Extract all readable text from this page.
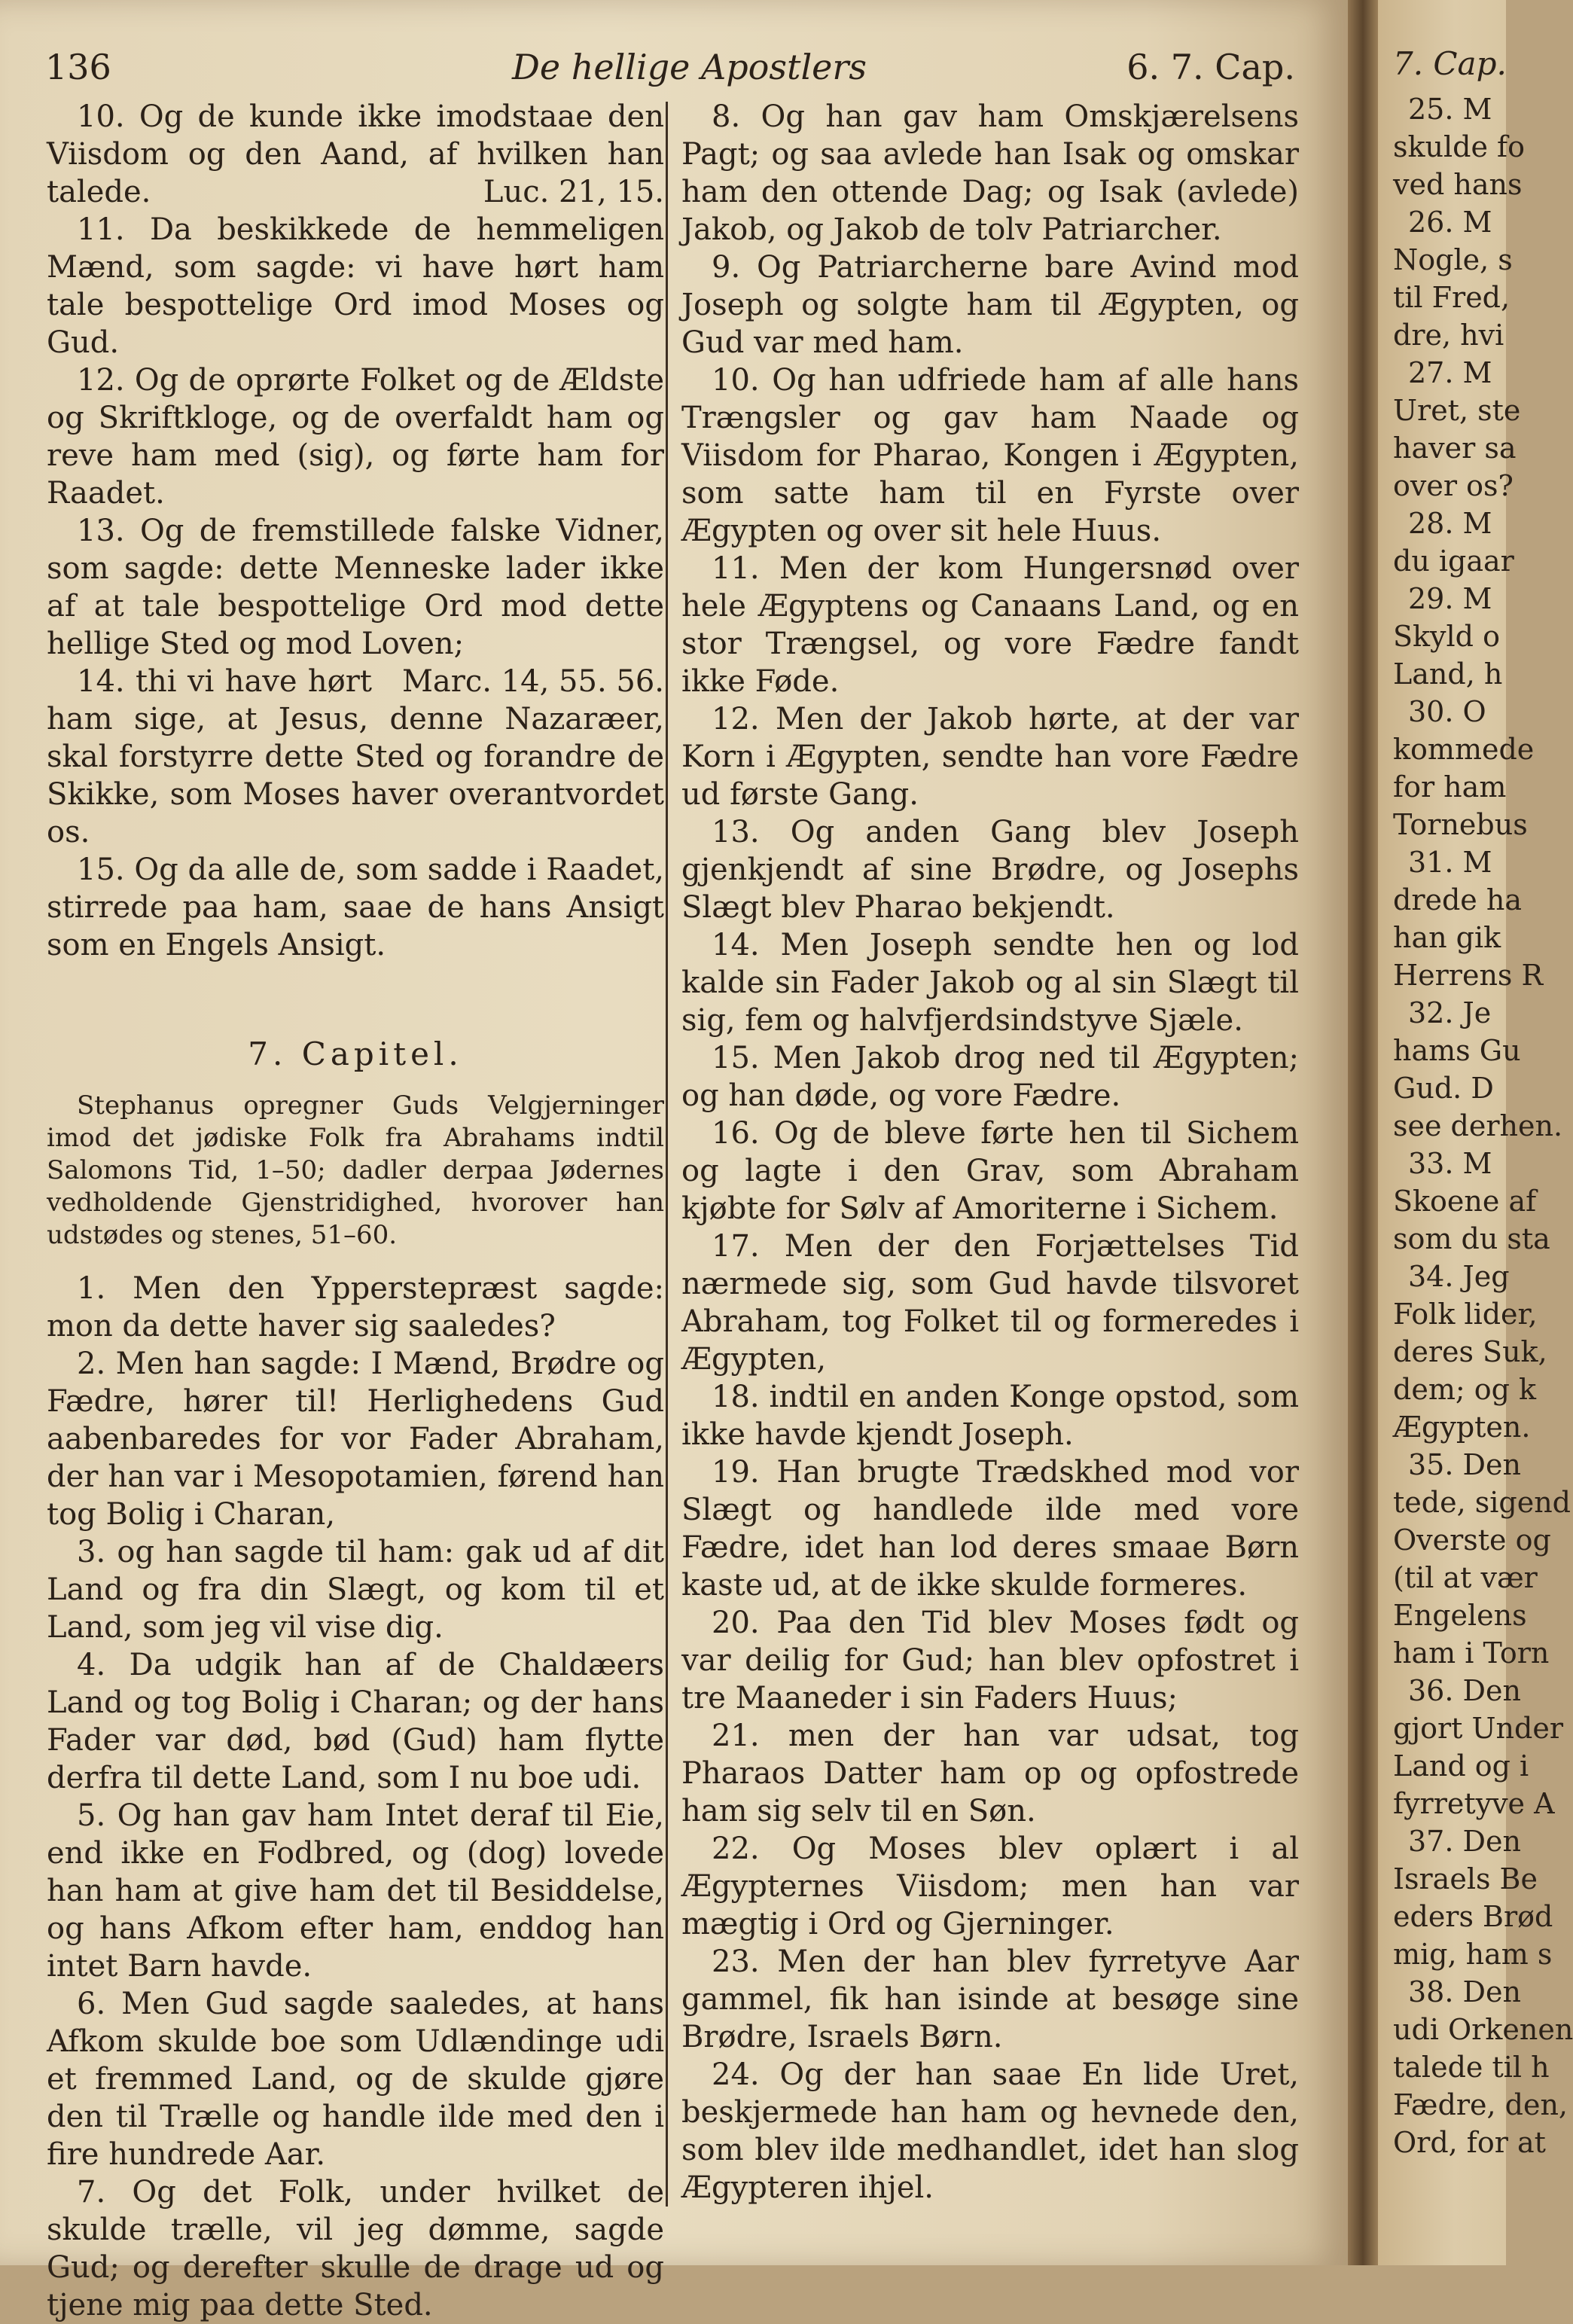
136	De hellige Apostlers	6. 7. Cap.

10. Og de kunde ikke imodstaae den Viisdom og den Aand, af hvilken han talede.	Luc. 21, 15.

11. Da beskikkede de hemmeligen Mænd, som sagde: vi have hørt ham tale bespottelige Ord imod Moses og Gud.

12. Og de oprørte Folket og de Ældste og Skriftkloge, og de overfaldt ham og reve ham med (sig), og førte ham for Raadet.

13. Og de fremstillede falske Vidner, som sagde: dette Menneske lader ikke af at tale bespottelige Ord mod dette hellige Sted og mod Loven;
Marc. 14, 55. 56.

14. thi vi have hørt ham sige, at Jesus, denne Nazaræer, skal forstyrre dette Sted og forandre de Skikke, som Moses haver overantvordet os.

15. Og da alle de, som sadde i Raadet, stirrede paa ham, saae de hans Ansigt som en Engels Ansigt.

7. Capitel.

Stephanus opregner Guds Velgjerninger imod det jødiske Folk fra Abrahams indtil Salomons Tid, 1–50; dadler derpaa Jødernes vedholdende Gjenstridighed, hvorover han udstødes og stenes, 51–60.

1. Men den Ypperstepræst sagde: mon da dette haver sig saaledes?

2. Men han sagde: I Mænd, Brødre og Fædre, hører til! Herlighedens Gud aabenbaredes for vor Fader Abraham, der han var i Mesopotamien, førend han tog Bolig i Charan,

3. og han sagde til ham: gak ud af dit Land og fra din Slægt, og kom til et Land, som jeg vil vise dig.

4. Da udgik han af de Chaldæers Land og tog Bolig i Charan; og der hans Fader var død, bød (Gud) ham flytte derfra til dette Land, som I nu boe udi.

5. Og han gav ham Intet deraf til Eie, end ikke en Fodbred, og (dog) lovede han ham at give ham det til Besiddelse, og hans Afkom efter ham, enddog han intet Barn havde.

6. Men Gud sagde saaledes, at hans Afkom skulde boe som Udlændinge udi et fremmed Land, og de skulde gjøre den til Trælle og handle ilde med den i fire hundrede Aar.

7. Og det Folk, under hvilket de skulde trælle, vil jeg dømme, sagde Gud; og derefter skulle de drage ud og tjene mig paa dette Sted.

8. Og han gav ham Omskjærelsens Pagt; og saa avlede han Isak og omskar ham den ottende Dag; og Isak (avlede) Jakob, og Jakob de tolv Patriarcher.

9. Og Patriarcherne bare Avind mod Joseph og solgte ham til Ægypten, og Gud var med ham.

10. Og han udfriede ham af alle hans Trængsler og gav ham Naade og Viisdom for Pharao, Kongen i Ægypten, som satte ham til en Fyrste over Ægypten og over sit hele Huus.

11. Men der kom Hungersnød over hele Ægyptens og Canaans Land, og en stor Trængsel, og vore Fædre fandt ikke Føde.

12. Men der Jakob hørte, at der var Korn i Ægypten, sendte han vore Fædre ud første Gang.

13. Og anden Gang blev Joseph gjenkjendt af sine Brødre, og Josephs Slægt blev Pharao bekjendt.

14. Men Joseph sendte hen og lod kalde sin Fader Jakob og al sin Slægt til sig, fem og halvfjerdsindstyve Sjæle.

15. Men Jakob drog ned til Ægypten; og han døde, og vore Fædre.

16. Og de bleve førte hen til Sichem og lagte i den Grav, som Abraham kjøbte for Sølv af Amoriterne i Sichem.

17. Men der den Forjættelses Tid nærmede sig, som Gud havde tilsvoret Abraham, tog Folket til og formeredes i Ægypten,

18. indtil en anden Konge opstod, som ikke havde kjendt Joseph.

19. Han brugte Trædskhed mod vor Slægt og handlede ilde med vore Fædre, idet han lod deres smaae Børn kaste ud, at de ikke skulde formeres.

20. Paa den Tid blev Moses født og var deilig for Gud; han blev opfostret i tre Maaneder i sin Faders Huus;

21. men der han var udsat, tog Pharaos Datter ham op og opfostrede ham sig selv til en Søn.

22. Og Moses blev oplært i al Ægypternes Viisdom; men han var mægtig i Ord og Gjerninger.

23. Men der han blev fyrretyve Aar gammel, fik han isinde at besøge sine Brødre, Israels Børn.

24. Og der han saae En lide Uret, beskjermede han ham og hevnede den, som blev ilde medhandlet, idet han slog Ægypteren ihjel.

7. Cap.
25. M
skulde fo
ved hans
26. M
Nogle, s
til Fred,
dre, hvi
27. M
Uret, ste
haver sa
over os?
28. M
du igaar
29. M
Skyld o
Land, h
30. O
kommede
for ham
Tornebus
31. M
drede ha
han gik
Herrens R
32. Je
hams Gu
Gud. D
see derhen.
33. M
Skoene af
som du sta
34. Jeg
Folk lider,
deres Suk,
dem; og k
Ægypten.
35. Den
tede, sigend
Overste og
(til at vær
Engelens
ham i Torn
36. Den
gjort Under
Land og i
fyrretyve A
37. Den
Israels Be
eders Brød
mig, ham s
38. Den
udi Orkenen
talede til h
Fædre, den,
Ord, for at
